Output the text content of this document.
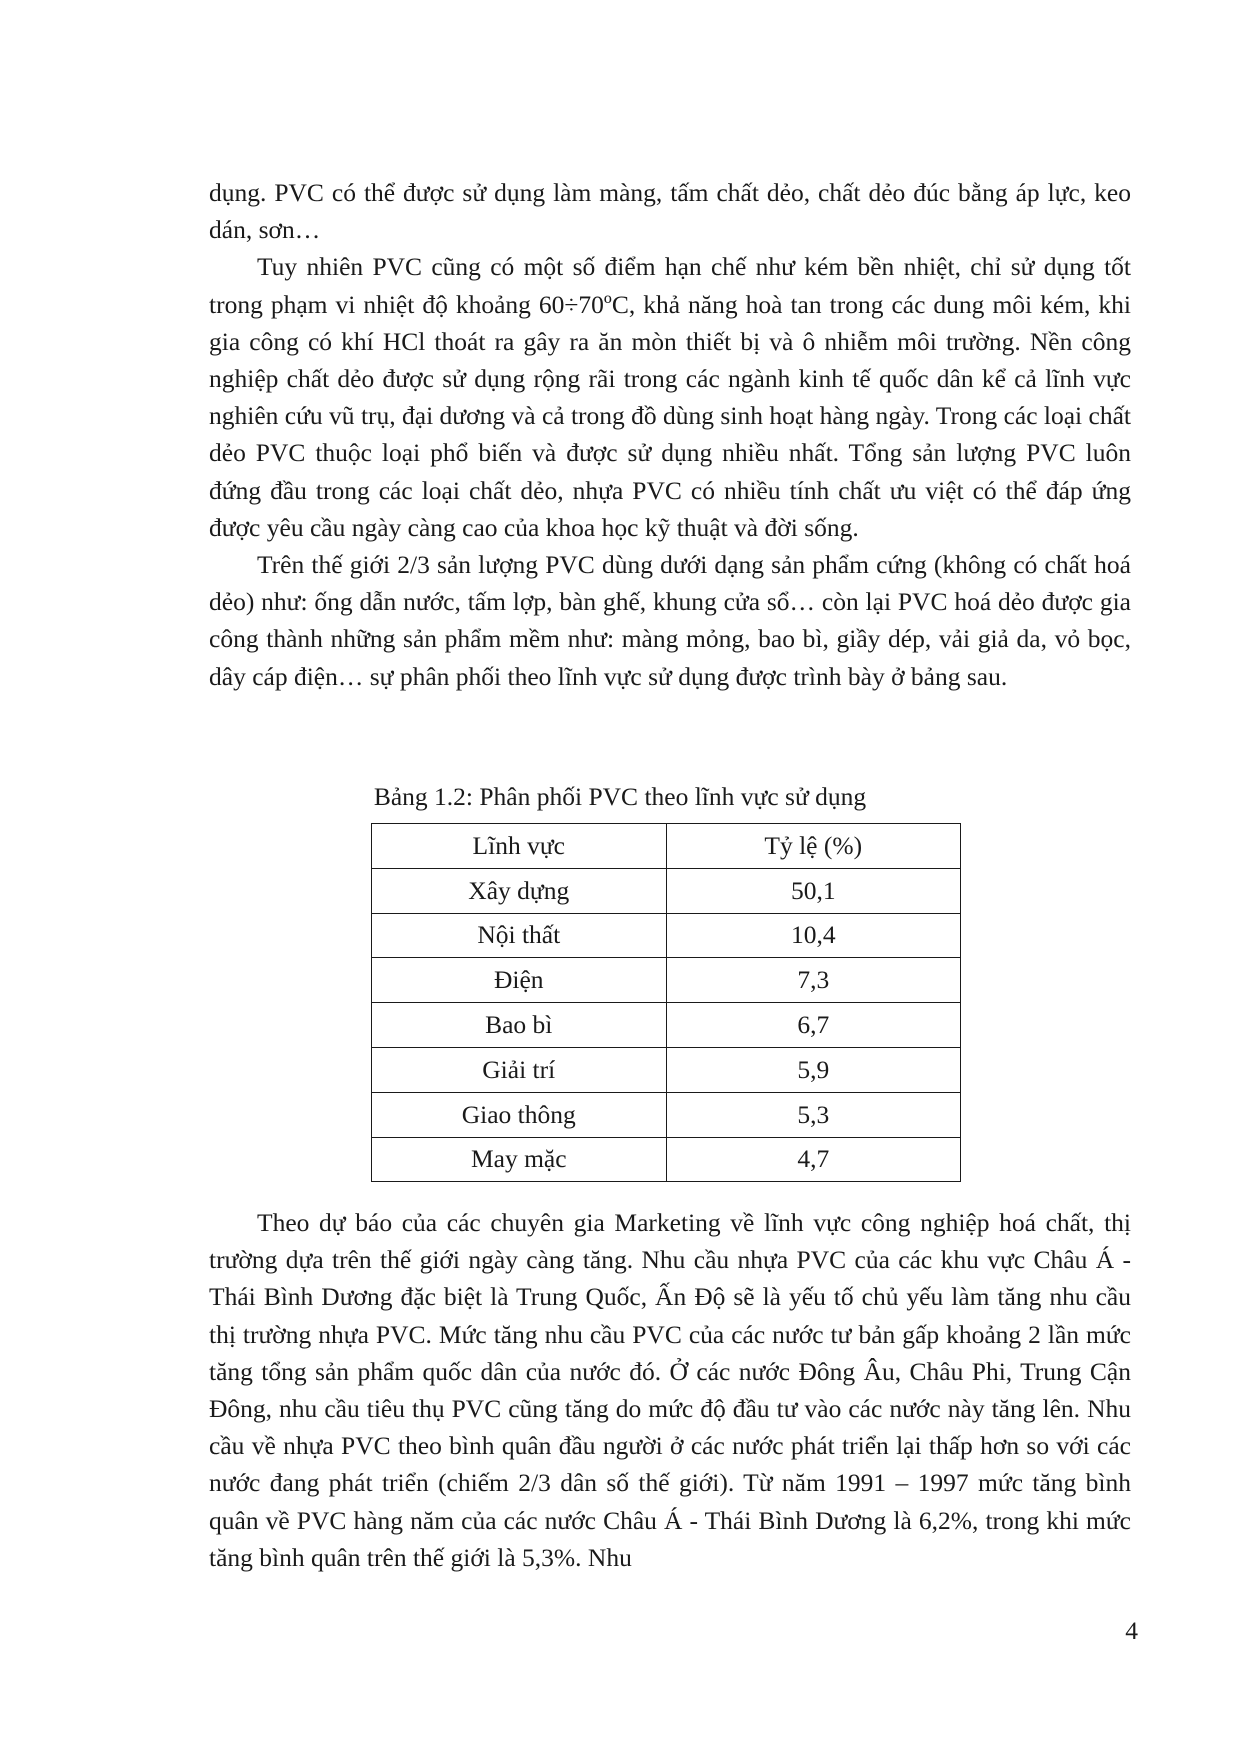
dụng. PVC có thể được sử dụng làm màng, tấm chất dẻo, chất dẻo đúc bằng áp lực, keo dán, sơn…

Tuy nhiên PVC cũng có một số điểm hạn chế như kém bền nhiệt, chỉ sử dụng tốt trong phạm vi nhiệt độ khoảng 60÷70ºC, khả năng hoà tan trong các dung môi kém, khi gia công có khí HCl thoát ra gây ra ăn mòn thiết bị và ô nhiễm môi trường. Nền công nghiệp chất dẻo được sử dụng rộng rãi trong các ngành kinh tế quốc dân kể cả lĩnh vực nghiên cứu vũ trụ, đại dương và cả trong đồ dùng sinh hoạt hàng ngày. Trong các loại chất dẻo PVC thuộc loại phổ biến và được sử dụng nhiều nhất. Tổng sản lượng PVC luôn đứng đầu trong các loại chất dẻo, nhựa PVC có nhiều tính chất ưu việt có thể đáp ứng được yêu cầu ngày càng cao của khoa học kỹ thuật và đời sống.

Trên thế giới 2/3 sản lượng PVC dùng dưới dạng sản phẩm cứng (không có chất hoá dẻo) như: ống dẫn nước, tấm lợp, bàn ghế, khung cửa sổ… còn lại PVC hoá dẻo được gia công thành những sản phẩm mềm như: màng mỏng, bao bì, giầy dép, vải giả da, vỏ bọc, dây cáp điện… sự phân phối theo lĩnh vực sử dụng được trình bày ở bảng sau.

Bảng 1.2: Phân phối PVC theo lĩnh vực sử dụng
Lĩnh vực	Tỷ lệ (%)
Xây dựng	50,1
Nội thất	10,4
Điện	7,3
Bao bì	6,7
Giải trí	5,9
Giao thông	5,3
May mặc	4,7

Theo dự báo của các chuyên gia Marketing về lĩnh vực công nghiệp hoá chất, thị trường dựa trên thế giới ngày càng tăng. Nhu cầu nhựa PVC của các khu vực Châu Á - Thái Bình Dương đặc biệt là Trung Quốc, Ấn Độ sẽ là yếu tố chủ yếu làm tăng nhu cầu thị trường nhựa PVC. Mức tăng nhu cầu PVC của các nước tư bản gấp khoảng 2 lần mức tăng tổng sản phẩm quốc dân của nước đó. Ở các nước Đông Âu, Châu Phi, Trung Cận Đông, nhu cầu tiêu thụ PVC cũng tăng do mức độ đầu tư vào các nước này tăng lên. Nhu cầu về nhựa PVC theo bình quân đầu người ở các nước phát triển lại thấp hơn so với các nước đang phát triển (chiếm 2/3 dân số thế giới). Từ năm 1991 – 1997 mức tăng bình quân về PVC hàng năm của các nước Châu Á - Thái Bình Dương là 6,2%, trong khi mức tăng bình quân trên thế giới là 5,3%. Nhu

4
